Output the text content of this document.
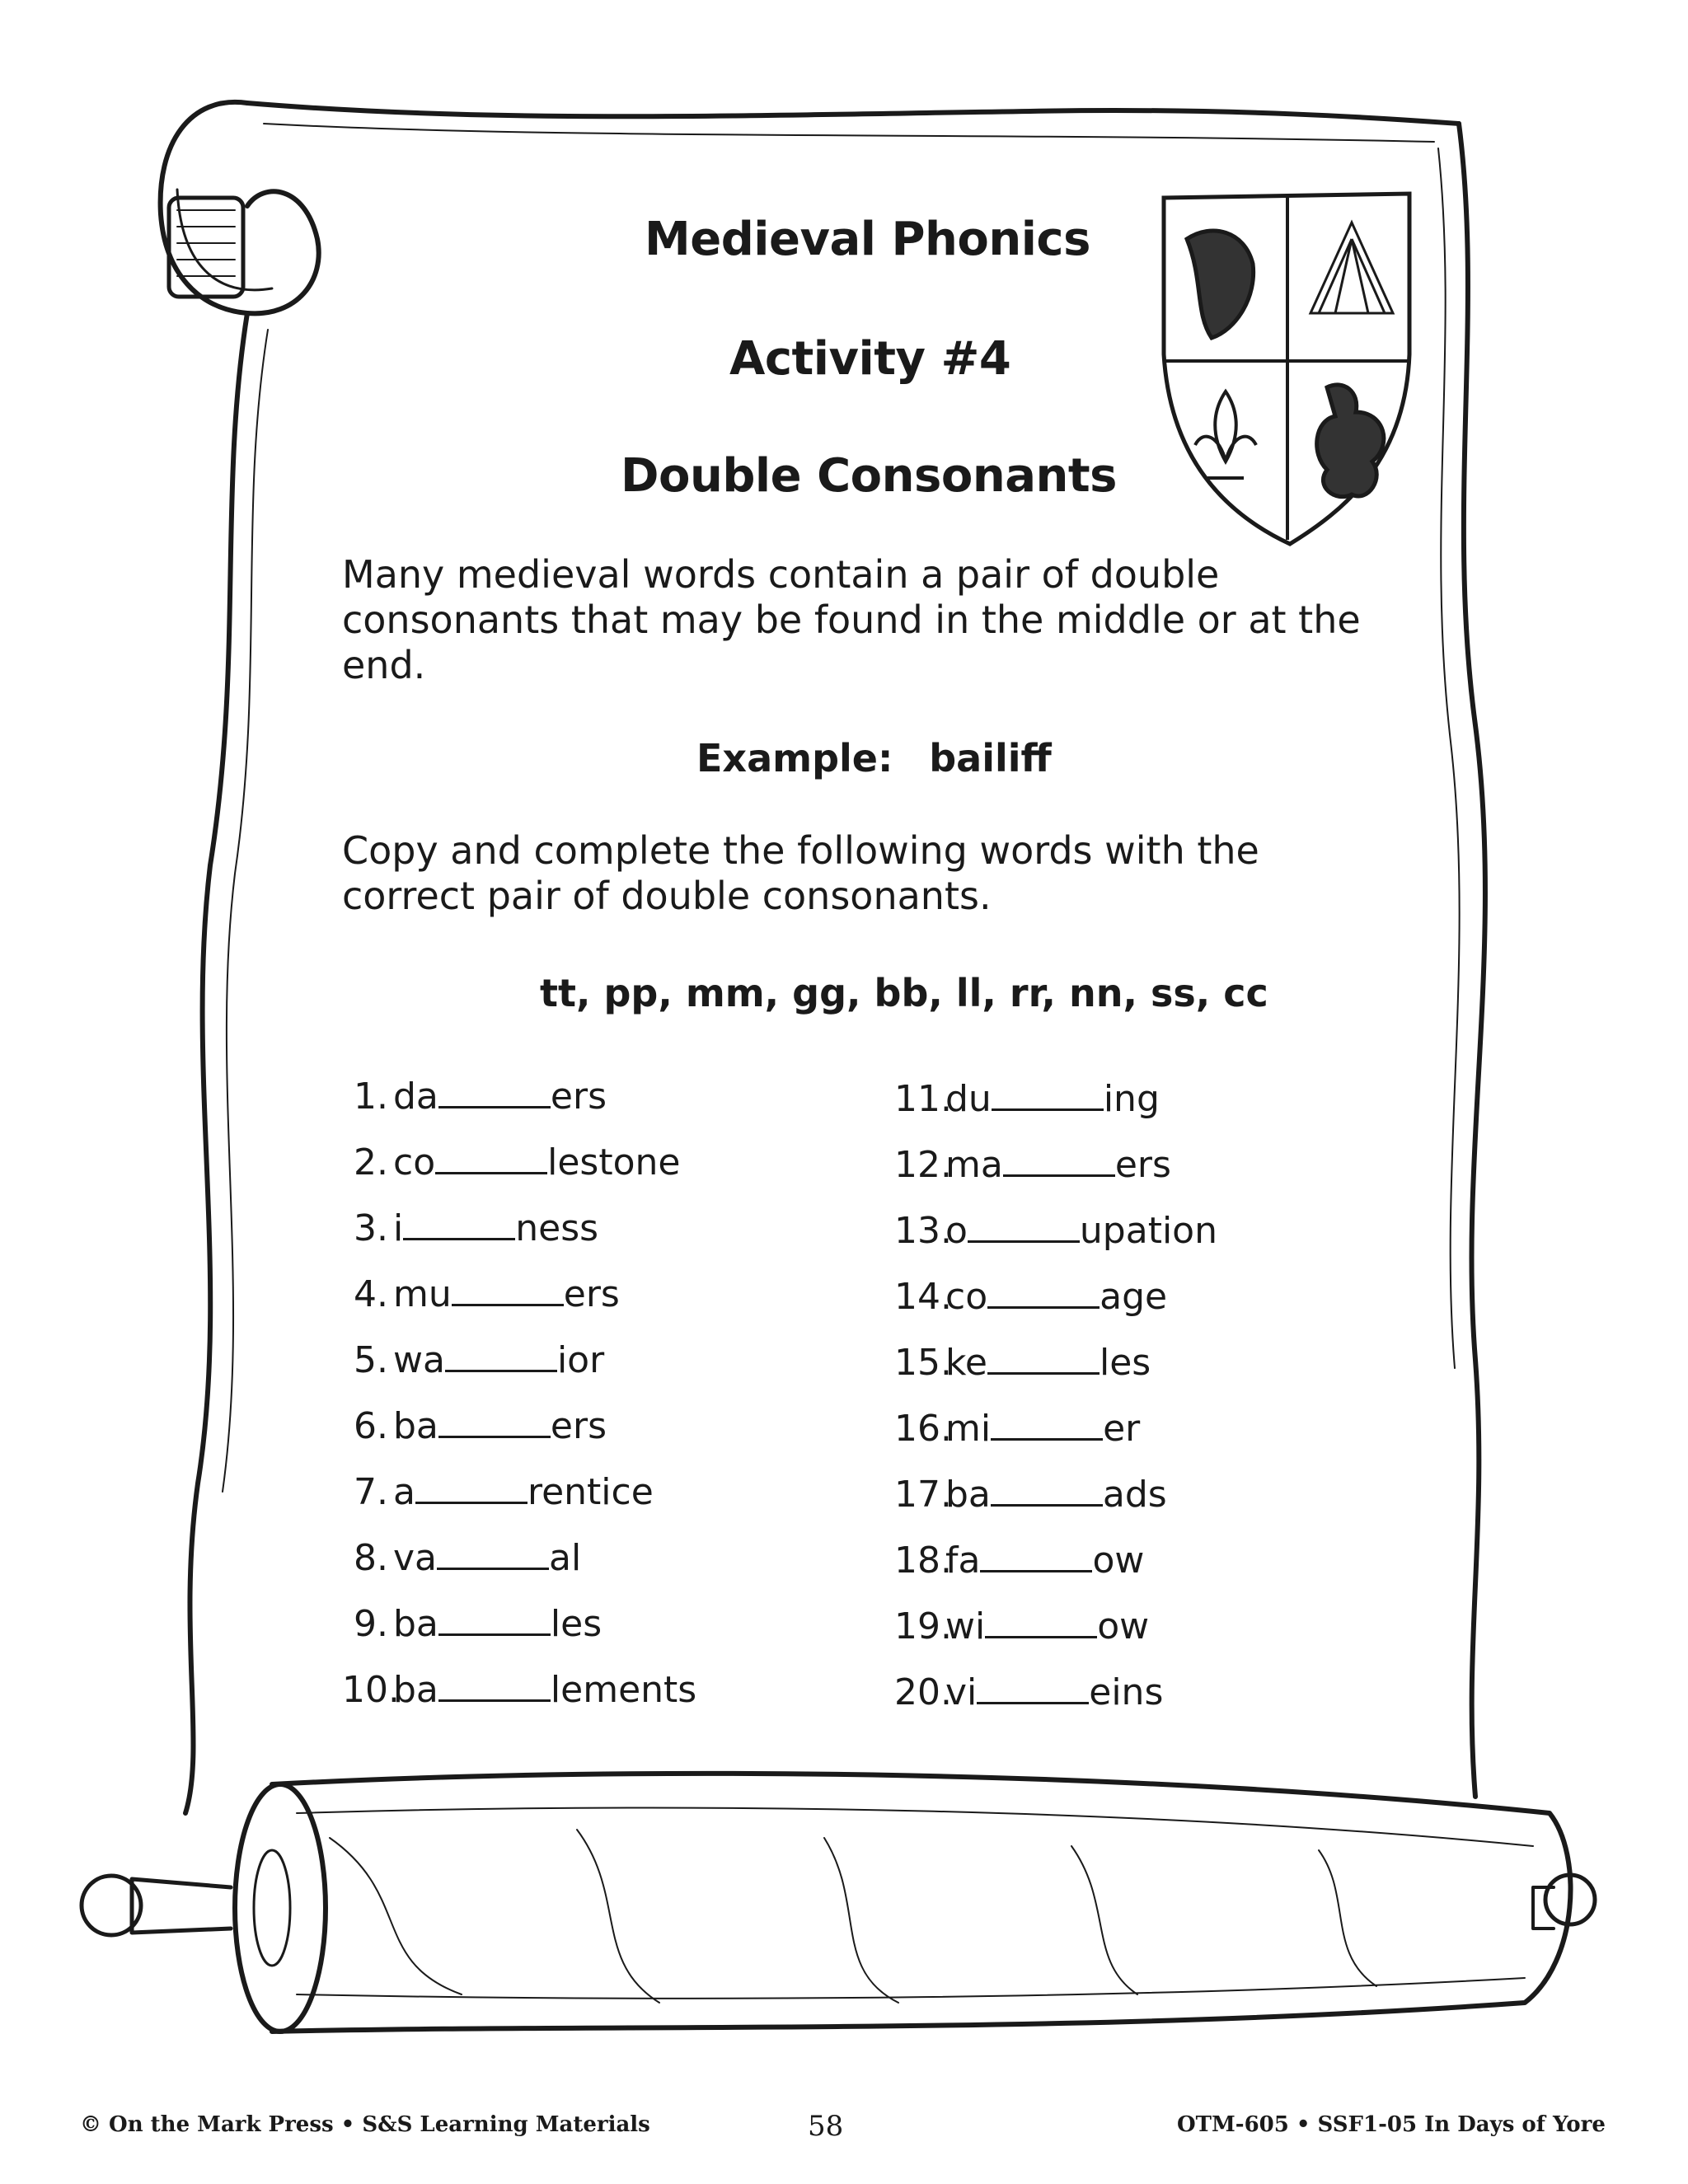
Medieval Phonics

Activity #4

Double Consonants

Many medieval words contain a pair of double consonants that may be found in the middle or at the end.

Example: bailiff

Copy and complete the following words with the correct pair of double consonants.

tt, pp, mm, gg, bb, ll, rr, nn, ss, cc

1. da	ers
2. co	lestone
3. i	ness
4. mu	ers
5. wa	ior
6. ba	ers
7. a	rentice
8. va	al
9. ba	les
10.ba	lements
11.du	ing
12.ma	ers
13.o	upation
14.co	age
15.ke	les
16.mi	er
17.ba	ads
18.fa	ow
19.wi	ow
20.vi	eins

© On the Mark Press • S&S Learning Materials	58	OTM-605 • SSF1-05 In Days of Yore
